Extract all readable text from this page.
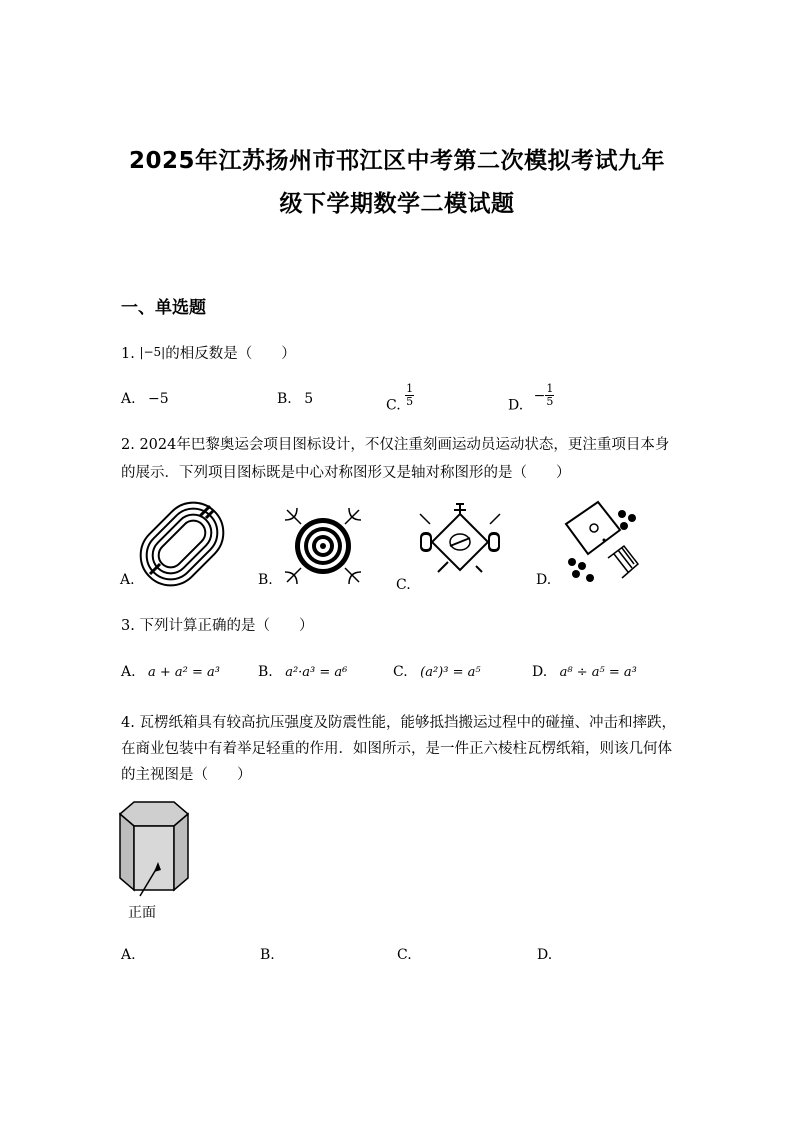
2025年江苏扬州市邗江区中考第二次模拟考试九年
级下学期数学二模试题
一、单选题
1. |−5|的相反数是（　　）
A. −5	B. 5	C. $\frac{1}{5}$	D. − $\frac{1}{5}$
2. 2024年巴黎奥运会项目图标设计，不仅注重刻画运动员运动状态，更注重项目本身的展示．下列项目图标既是中心对称图形又是轴对称图形的是（　　）
A.	B.	C.	D.
3. 下列计算正确的是（　　）
A. a + a² = a³	B. a²·a³ = a⁶	C. (a²)³ = a⁵	D. a⁸ ÷ a⁵ = a³
4. 瓦楞纸箱具有较高抗压强度及防震性能，能够抵挡搬运过程中的碰撞、冲击和摔跌，在商业包装中有着举足轻重的作用．如图所示，是一件正六棱柱瓦楞纸箱，则该几何体的主视图是（　　）
正面
A.	B.	C.	D.
